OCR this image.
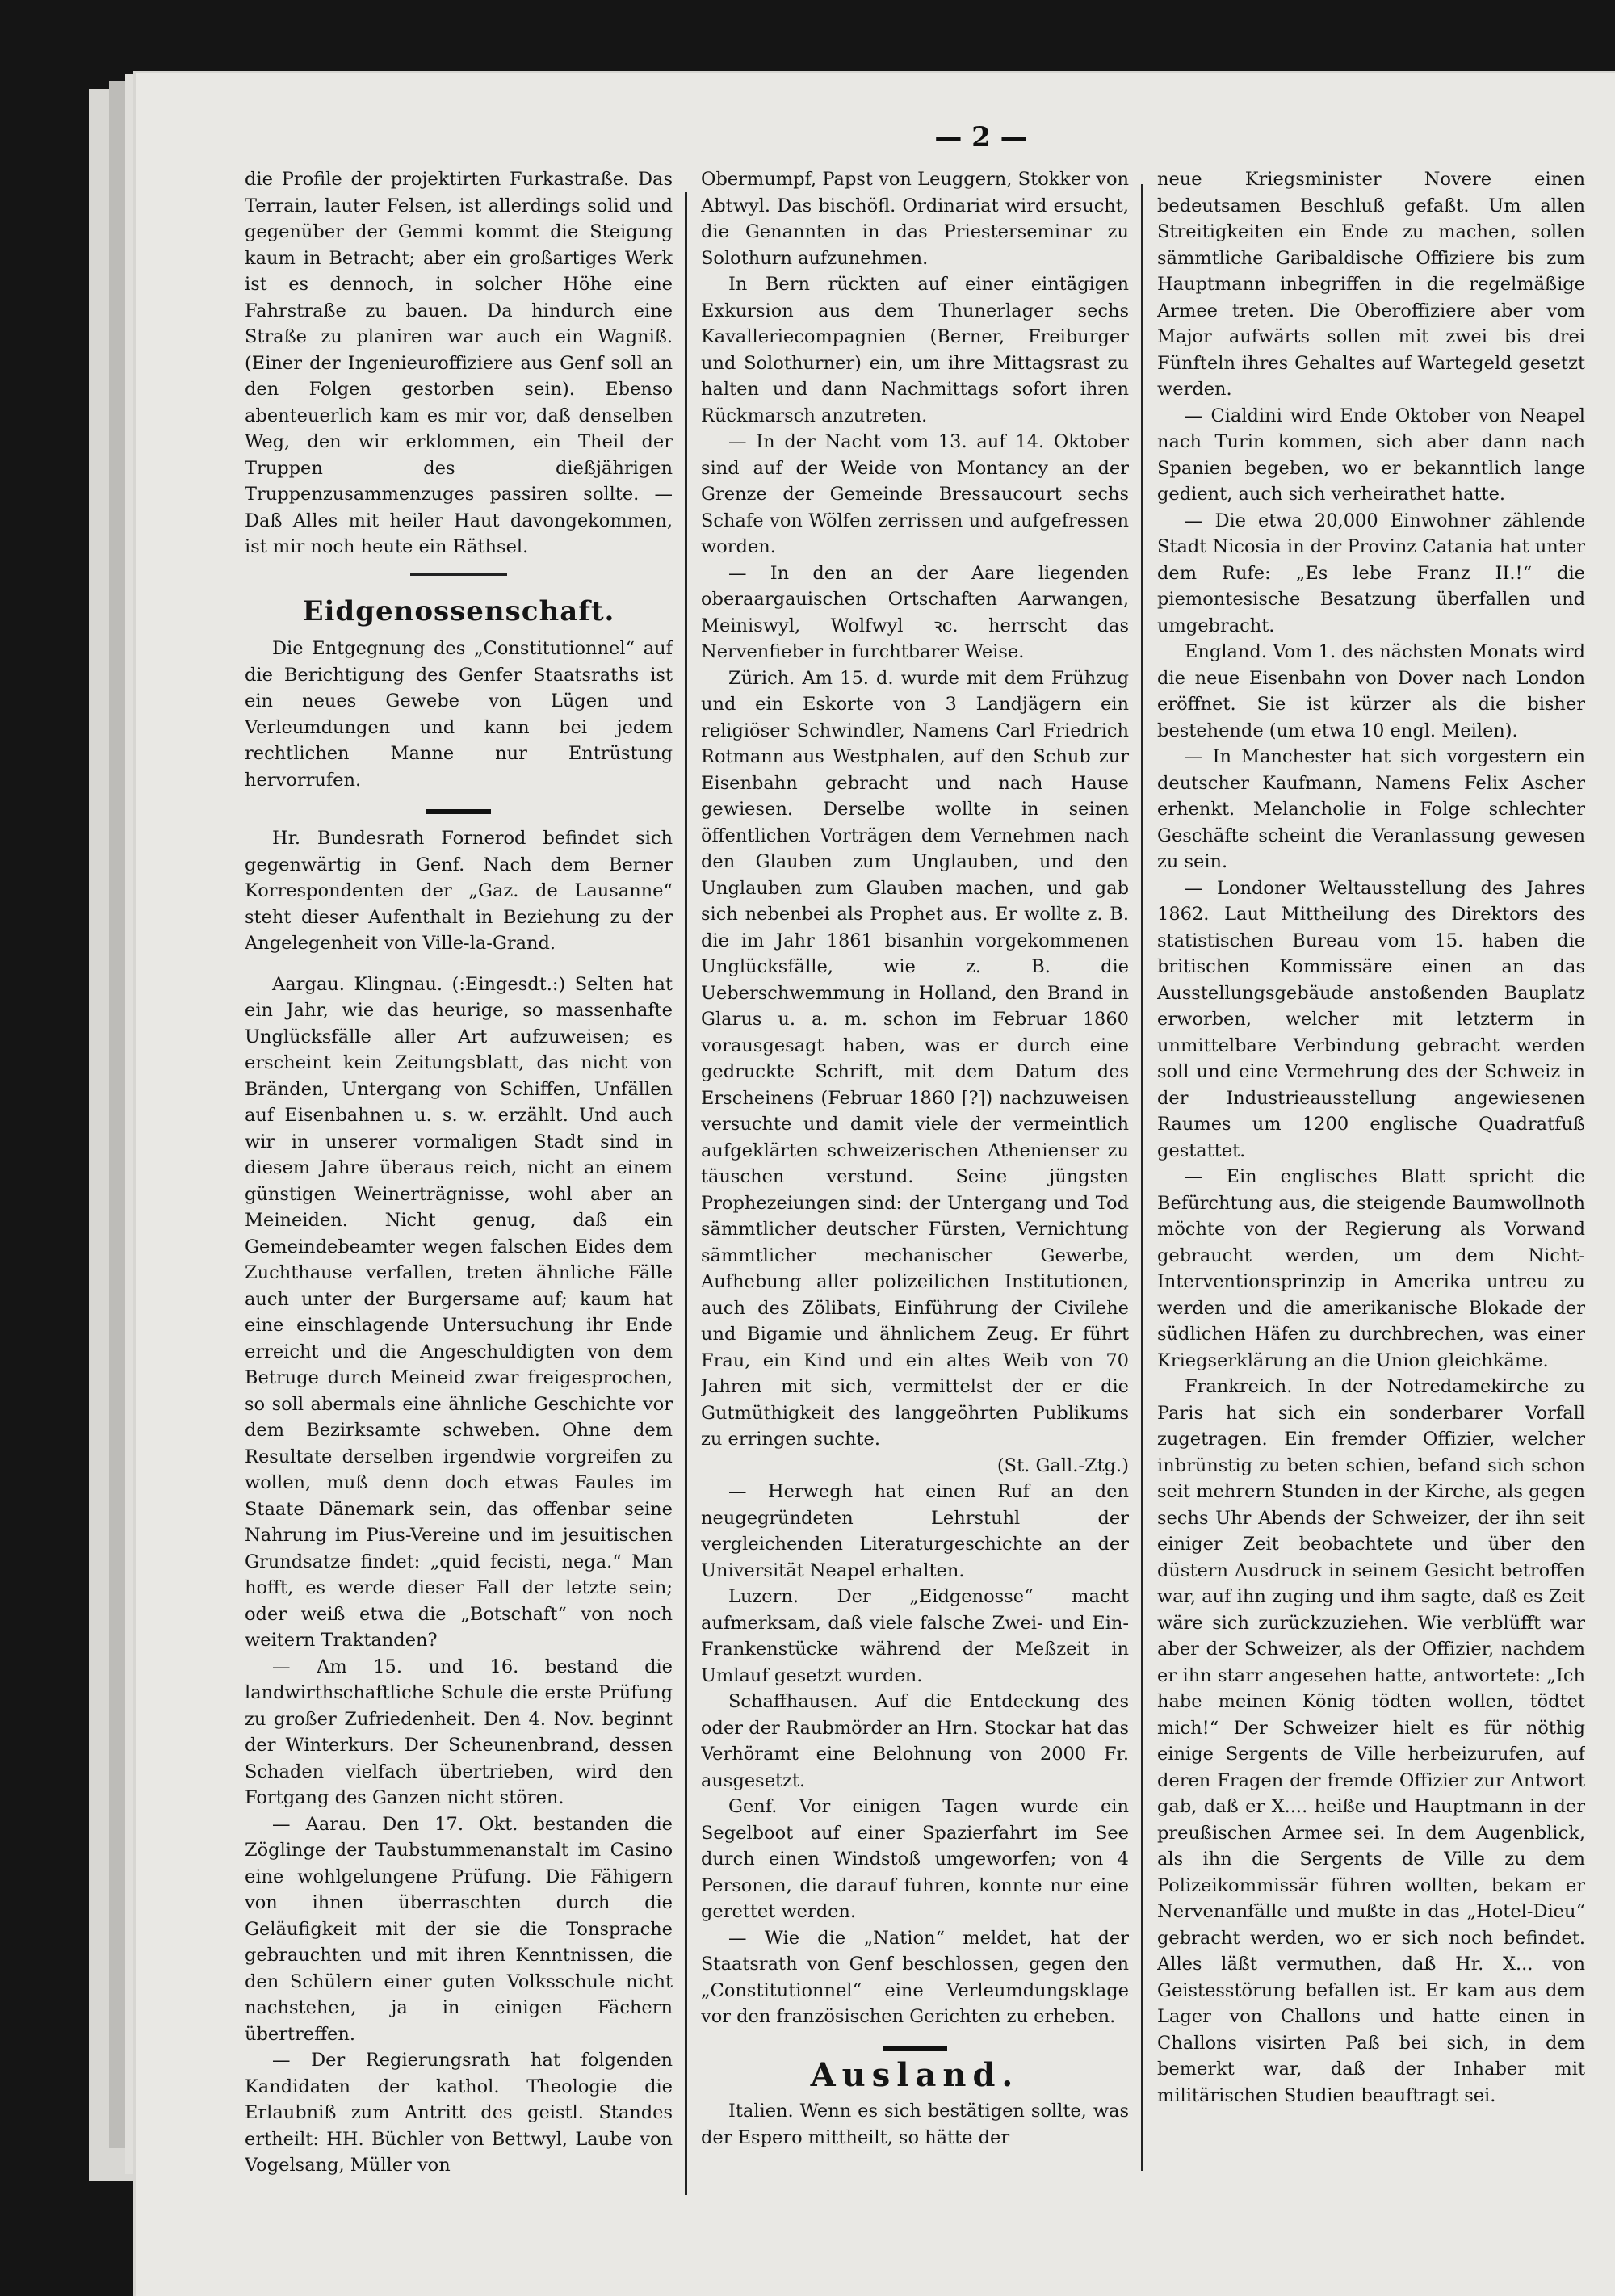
— 2 —

die Profile der projektirten Furkastraße. Das Terrain, lauter Felsen, ist allerdings solid und gegenüber der Gemmi kommt die Steigung kaum in Betracht; aber ein großartiges Werk ist es dennoch, in solcher Höhe eine Fahrstraße zu bauen. Da hindurch eine Straße zu planiren war auch ein Wagniß. (Einer der Ingenieuroffiziere aus Genf soll an den Folgen gestorben sein). Ebenso abenteuerlich kam es mir vor, daß denselben Weg, den wir erklommen, ein Theil der Truppen des dießjährigen Truppenzusammenzuges passiren sollte. — Daß Alles mit heiler Haut davongekommen, ist mir noch heute ein Räthsel.

Eidgenossenschaft.

Die Entgegnung des „Constitutionnel“ auf die Berichtigung des Genfer Staatsraths ist ein neues Gewebe von Lügen und Verleumdungen und kann bei jedem rechtlichen Manne nur Entrüstung hervorrufen.

Hr. Bundesrath Fornerod befindet sich gegenwärtig in Genf. Nach dem Berner Korrespondenten der „Gaz. de Lausanne“ steht dieser Aufenthalt in Beziehung zu der Angelegenheit von Ville-la-Grand.

Aargau. Klingnau. (:Eingesdt.:) Selten hat ein Jahr, wie das heurige, so massenhafte Unglücksfälle aller Art aufzuweisen; es erscheint kein Zeitungsblatt, das nicht von Bränden, Untergang von Schiffen, Unfällen auf Eisenbahnen u. s. w. erzählt. Und auch wir in unserer vormaligen Stadt sind in diesem Jahre überaus reich, nicht an einem günstigen Weinerträgnisse, wohl aber an Meineiden. Nicht genug, daß ein Gemeindebeamter wegen falschen Eides dem Zuchthause verfallen, treten ähnliche Fälle auch unter der Burgersame auf; kaum hat eine einschlagende Untersuchung ihr Ende erreicht und die Angeschuldigten von dem Betruge durch Meineid zwar freigesprochen, so soll abermals eine ähnliche Geschichte vor dem Bezirksamte schweben. Ohne dem Resultate derselben irgendwie vorgreifen zu wollen, muß denn doch etwas Faules im Staate Dänemark sein, das offenbar seine Nahrung im Pius-Vereine und im jesuitischen Grundsatze findet: „quid fecisti, nega.“ Man hofft, es werde dieser Fall der letzte sein; oder weiß etwa die „Botschaft“ von noch weitern Traktanden?

— Am 15. und 16. bestand die landwirthschaftliche Schule die erste Prüfung zu großer Zufriedenheit. Den 4. Nov. beginnt der Winterkurs. Der Scheunenbrand, dessen Schaden vielfach übertrieben, wird den Fortgang des Ganzen nicht stören.

— Aarau. Den 17. Okt. bestanden die Zöglinge der Taubstummenanstalt im Casino eine wohlgelungene Prüfung. Die Fähigern von ihnen überraschten durch die Geläufigkeit mit der sie die Tonsprache gebrauchten und mit ihren Kenntnissen, die den Schülern einer guten Volksschule nicht nachstehen, ja in einigen Fächern übertreffen.

— Der Regierungsrath hat folgenden Kandidaten der kathol. Theologie die Erlaubniß zum Antritt des geistl. Standes ertheilt: HH. Büchler von Bettwyl, Laube von Vogelsang, Müller von

Obermumpf, Papst von Leuggern, Stokker von Abtwyl. Das bischöfl. Ordinariat wird ersucht, die Genannten in das Priesterseminar zu Solothurn aufzunehmen.

In Bern rückten auf einer eintägigen Exkursion aus dem Thunerlager sechs Kavalleriecompagnien (Berner, Freiburger und Solothurner) ein, um ihre Mittagsrast zu halten und dann Nachmittags sofort ihren Rückmarsch anzutreten.

— In der Nacht vom 13. auf 14. Oktober sind auf der Weide von Montancy an der Grenze der Gemeinde Bressaucourt sechs Schafe von Wölfen zerrissen und aufgefressen worden.

— In den an der Aare liegenden oberaargauischen Ortschaften Aarwangen, Meiniswyl, Wolfwyl ꝛc. herrscht das Nervenfieber in furchtbarer Weise.

Zürich. Am 15. d. wurde mit dem Frühzug und ein Eskorte von 3 Landjägern ein religiöser Schwindler, Namens Carl Friedrich Rotmann aus Westphalen, auf den Schub zur Eisenbahn gebracht und nach Hause gewiesen. Derselbe wollte in seinen öffentlichen Vorträgen dem Vernehmen nach den Glauben zum Unglauben, und den Unglauben zum Glauben machen, und gab sich nebenbei als Prophet aus. Er wollte z. B. die im Jahr 1861 bisanhin vorgekommenen Unglücksfälle, wie z. B. die Ueberschwemmung in Holland, den Brand in Glarus u. a. m. schon im Februar 1860 vorausgesagt haben, was er durch eine gedruckte Schrift, mit dem Datum des Erscheinens (Februar 1860 [?]) nachzuweisen versuchte und damit viele der vermeintlich aufgeklärten schweizerischen Athenienser zu täuschen verstund. Seine jüngsten Prophezeiungen sind: der Untergang und Tod sämmtlicher deutscher Fürsten, Vernichtung sämmtlicher mechanischer Gewerbe, Aufhebung aller polizeilichen Institutionen, auch des Zölibats, Einführung der Civilehe und Bigamie und ähnlichem Zeug. Er führt Frau, ein Kind und ein altes Weib von 70 Jahren mit sich, vermittelst der er die Gutmüthigkeit des langgeöhrten Publikums zu erringen suchte.

(St. Gall.-Ztg.)

— Herwegh hat einen Ruf an den neugegründeten Lehrstuhl der vergleichenden Literaturgeschichte an der Universität Neapel erhalten.

Luzern. Der „Eidgenosse“ macht aufmerksam, daß viele falsche Zwei- und Ein-Frankenstücke während der Meßzeit in Umlauf gesetzt wurden.

Schaffhausen. Auf die Entdeckung des oder der Raubmörder an Hrn. Stockar hat das Verhöramt eine Belohnung von 2000 Fr. ausgesetzt.

Genf. Vor einigen Tagen wurde ein Segelboot auf einer Spazierfahrt im See durch einen Windstoß umgeworfen; von 4 Personen, die darauf fuhren, konnte nur eine gerettet werden.

— Wie die „Nation“ meldet, hat der Staatsrath von Genf beschlossen, gegen den „Constitutionnel“ eine Verleumdungsklage vor den französischen Gerichten zu erheben.

Ausland.

Italien. Wenn es sich bestätigen sollte, was der Espero mittheilt, so hätte der

neue Kriegsminister Novere einen bedeutsamen Beschluß gefaßt. Um allen Streitigkeiten ein Ende zu machen, sollen sämmtliche Garibaldische Offiziere bis zum Hauptmann inbegriffen in die regelmäßige Armee treten. Die Oberoffiziere aber vom Major aufwärts sollen mit zwei bis drei Fünfteln ihres Gehaltes auf Wartegeld gesetzt werden.

— Cialdini wird Ende Oktober von Neapel nach Turin kommen, sich aber dann nach Spanien begeben, wo er bekanntlich lange gedient, auch sich verheirathet hatte.

— Die etwa 20,000 Einwohner zählende Stadt Nicosia in der Provinz Catania hat unter dem Rufe: „Es lebe Franz II.!“ die piemontesische Besatzung überfallen und umgebracht.

England. Vom 1. des nächsten Monats wird die neue Eisenbahn von Dover nach London eröffnet. Sie ist kürzer als die bisher bestehende (um etwa 10 engl. Meilen).

— In Manchester hat sich vorgestern ein deutscher Kaufmann, Namens Felix Ascher erhenkt. Melancholie in Folge schlechter Geschäfte scheint die Veranlassung gewesen zu sein.

— Londoner Weltausstellung des Jahres 1862. Laut Mittheilung des Direktors des statistischen Bureau vom 15. haben die britischen Kommissäre einen an das Ausstellungsgebäude anstoßenden Bauplatz erworben, welcher mit letzterm in unmittelbare Verbindung gebracht werden soll und eine Vermehrung des der Schweiz in der Industrieausstellung angewiesenen Raumes um 1200 englische Quadratfuß gestattet.

— Ein englisches Blatt spricht die Befürchtung aus, die steigende Baumwollnoth möchte von der Regierung als Vorwand gebraucht werden, um dem Nicht-Interventionsprinzip in Amerika untreu zu werden und die amerikanische Blokade der südlichen Häfen zu durchbrechen, was einer Kriegserklärung an die Union gleichkäme.

Frankreich. In der Notredamekirche zu Paris hat sich ein sonderbarer Vorfall zugetragen. Ein fremder Offizier, welcher inbrünstig zu beten schien, befand sich schon seit mehrern Stunden in der Kirche, als gegen sechs Uhr Abends der Schweizer, der ihn seit einiger Zeit beobachtete und über den düstern Ausdruck in seinem Gesicht betroffen war, auf ihn zuging und ihm sagte, daß es Zeit wäre sich zurückzuziehen. Wie verblüfft war aber der Schweizer, als der Offizier, nachdem er ihn starr angesehen hatte, antwortete: „Ich habe meinen König tödten wollen, tödtet mich!“ Der Schweizer hielt es für nöthig einige Sergents de Ville herbeizurufen, auf deren Fragen der fremde Offizier zur Antwort gab, daß er X.... heiße und Hauptmann in der preußischen Armee sei. In dem Augenblick, als ihn die Sergents de Ville zu dem Polizeikommissär führen wollten, bekam er Nervenanfälle und mußte in das „Hotel-Dieu“ gebracht werden, wo er sich noch befindet. Alles läßt vermuthen, daß Hr. X... von Geistesstörung befallen ist. Er kam aus dem Lager von Challons und hatte einen in Challons visirten Paß bei sich, in dem bemerkt war, daß der Inhaber mit militärischen Studien beauftragt sei.
